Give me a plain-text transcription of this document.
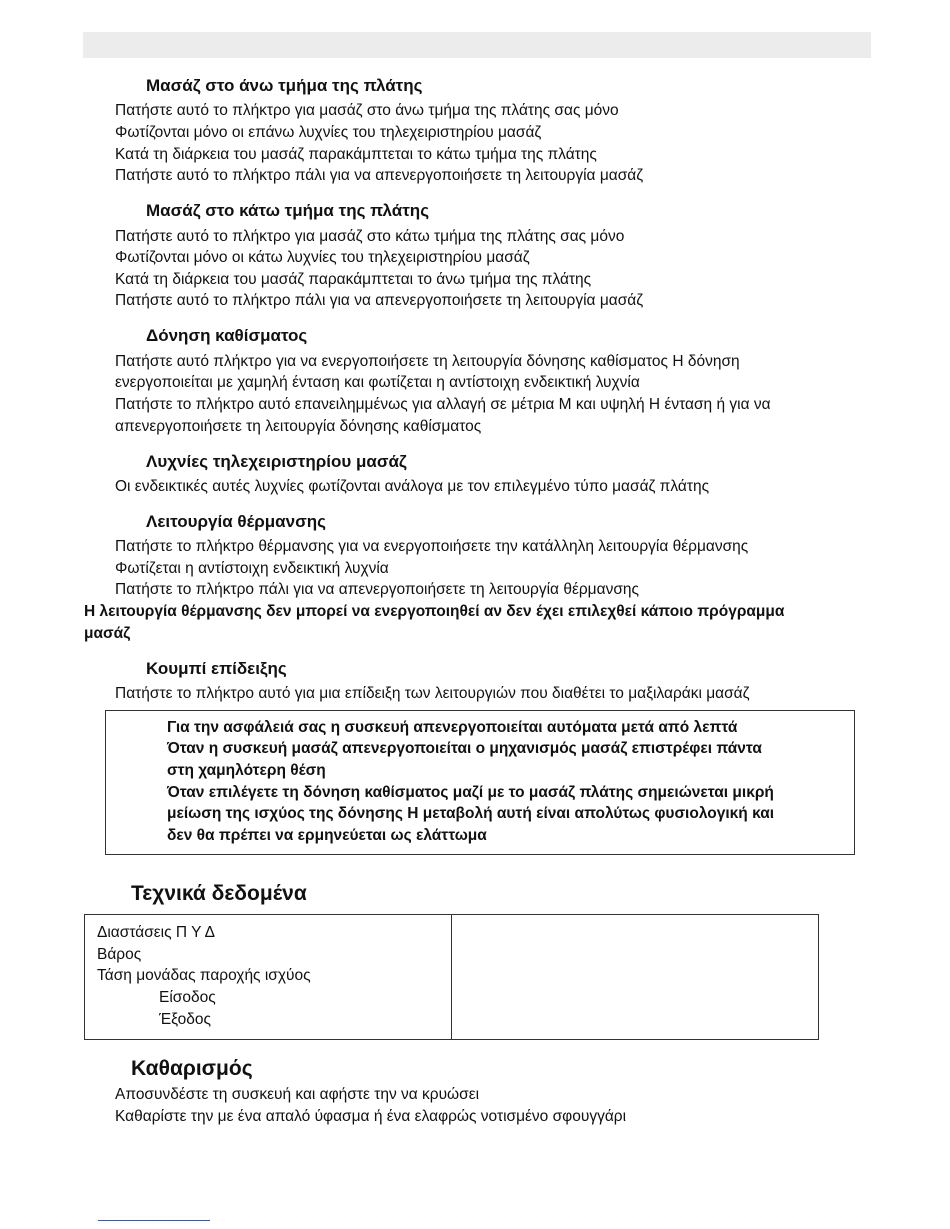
Μασάζ στο άνω τμήμα της πλάτης
Πατήστε αυτό το πλήκτρο για μασάζ στο άνω τμήμα της πλάτης σας μόνο
Φωτίζονται μόνο οι επάνω λυχνίες του τηλεχειριστηρίου μασάζ
Κατά τη διάρκεια του μασάζ παρακάμπτεται το κάτω τμήμα της πλάτης
Πατήστε αυτό το πλήκτρο πάλι για να απενεργοποιήσετε τη λειτουργία μασάζ
Μασάζ στο κάτω τμήμα της πλάτης
Πατήστε αυτό το πλήκτρο για μασάζ στο κάτω τμήμα της πλάτης σας μόνο
Φωτίζονται μόνο οι κάτω λυχνίες του τηλεχειριστηρίου μασάζ
Κατά τη διάρκεια του μασάζ παρακάμπτεται το άνω τμήμα της πλάτης
Πατήστε αυτό το πλήκτρο πάλι για να απενεργοποιήσετε τη λειτουργία μασάζ
Δόνηση καθίσματος
Πατήστε αυτό πλήκτρο για να ενεργοποιήσετε τη λειτουργία δόνησης καθίσματος Η δόνηση
ενεργοποιείται με χαμηλή ένταση και φωτίζεται η αντίστοιχη ενδεικτική λυχνία
Πατήστε το πλήκτρο αυτό επανειλημμένως για αλλαγή σε μέτρια Μ και υψηλή Η ένταση ή για να
απενεργοποιήσετε τη λειτουργία δόνησης καθίσματος
Λυχνίες τηλεχειριστηρίου μασάζ
Οι ενδεικτικές αυτές λυχνίες φωτίζονται ανάλογα με τον επιλεγμένο τύπο μασάζ πλάτης
Λειτουργία θέρμανσης
Πατήστε το πλήκτρο θέρμανσης για να ενεργοποιήσετε την κατάλληλη λειτουργία θέρμανσης
Φωτίζεται η αντίστοιχη ενδεικτική λυχνία
Πατήστε το πλήκτρο πάλι για να απενεργοποιήσετε τη λειτουργία θέρμανσης
Η λειτουργία θέρμανσης δεν μπορεί να ενεργοποιηθεί αν δεν έχει επιλεχθεί κάποιο πρόγραμμα
μασάζ
Κουμπί επίδειξης
Πατήστε το πλήκτρο αυτό για μια επίδειξη των λειτουργιών που διαθέτει το μαξιλαράκι μασάζ
Για την ασφάλειά σας η συσκευή απενεργοποιείται αυτόματα μετά από λεπτά
Όταν η συσκευή μασάζ απενεργοποιείται ο μηχανισμός μασάζ επιστρέφει πάντα
στη χαμηλότερη θέση
Όταν επιλέγετε τη δόνηση καθίσματος μαζί με το μασάζ πλάτης σημειώνεται μικρή
μείωση της ισχύος της δόνησης Η μεταβολή αυτή είναι απολύτως φυσιολογική και
δεν θα πρέπει να ερμηνεύεται ως ελάττωμα
Τεχνικά δεδομένα
Διαστάσεις Π Υ Δ
Βάρος
Τάση μονάδας παροχής ισχύος
Είσοδος
Έξοδος
Καθαρισμός
Αποσυνδέστε τη συσκευή και αφήστε την να κρυώσει
Καθαρίστε την με ένα απαλό ύφασμα ή ένα ελαφρώς νοτισμένο σφουγγάρι
